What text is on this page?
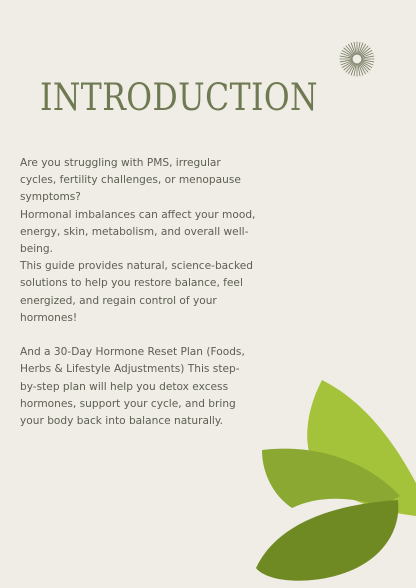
INTRODUCTION

Are you struggling with PMS, irregular cycles, fertility challenges, or menopause symptoms?

Hormonal imbalances can affect your mood, energy, skin, metabolism, and overall well-being.

This guide provides natural, science-backed solutions to help you restore balance, feel energized, and regain control of your hormones!

And a 30-Day Hormone Reset Plan (Foods, Herbs & Lifestyle Adjustments) This step-by-step plan will help you detox excess hormones, support your cycle, and bring your body back into balance naturally.
